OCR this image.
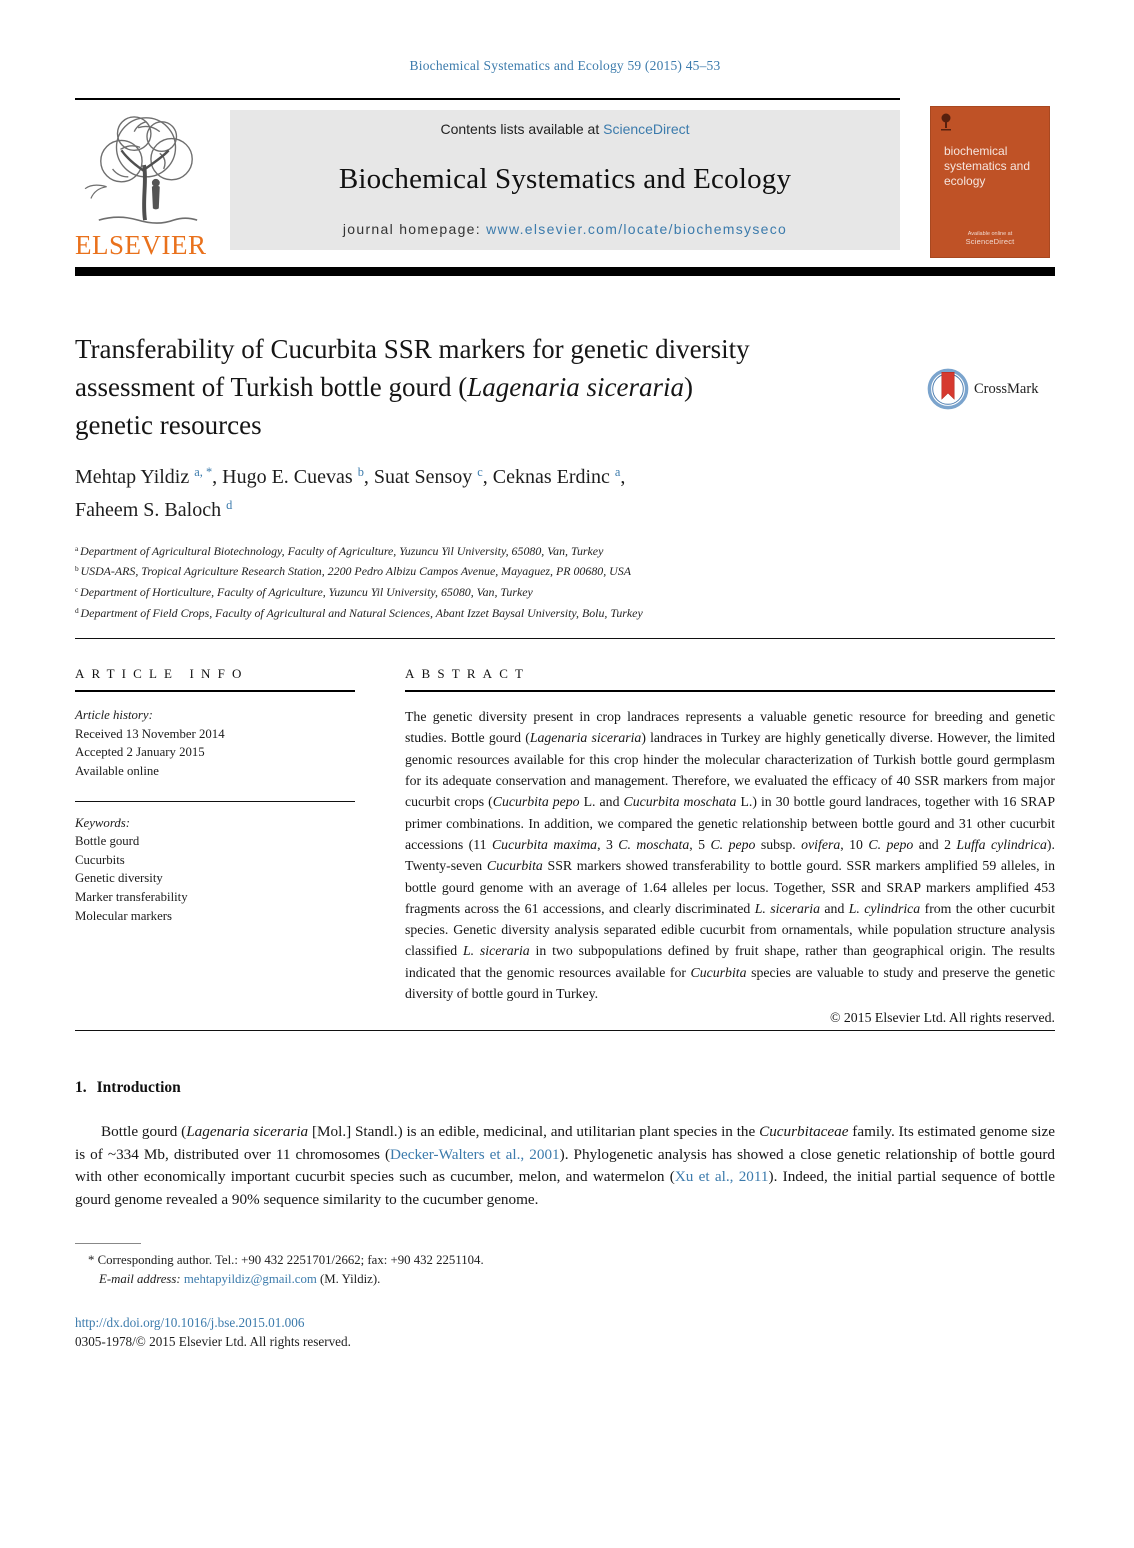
Biochemical Systematics and Ecology 59 (2015) 45–53
ELSEVIER
Contents lists available at ScienceDirect
Biochemical Systematics and Ecology
journal homepage: www.elsevier.com/locate/biochemsyseco
biochemical systematics and ecology
Available online at
ScienceDirect
Transferability of Cucurbita SSR markers for genetic diversity
assessment of Turkish bottle gourd (Lagenaria siceraria)
genetic resources
CrossMark
Mehtap Yildiz $^{a, *}$, Hugo E. Cuevas $^b$, Suat Sensoy $^c$, Ceknas Erdinc $^a$,
Faheem S. Baloch $^d$
$^a$ Department of Agricultural Biotechnology, Faculty of Agriculture, Yuzuncu Yil University, 65080, Van, Turkey
$^b$ USDA-ARS, Tropical Agriculture Research Station, 2200 Pedro Albizu Campos Avenue, Mayaguez, PR 00680, USA
$^c$ Department of Horticulture, Faculty of Agriculture, Yuzuncu Yil University, 65080, Van, Turkey
$^d$ Department of Field Crops, Faculty of Agricultural and Natural Sciences, Abant Izzet Baysal University, Bolu, Turkey
ARTICLE INFO
Article history:
Received 13 November 2014
Accepted 2 January 2015
Available online
Keywords:
Bottle gourd
Cucurbits
Genetic diversity
Marker transferability
Molecular markers
ABSTRACT
The genetic diversity present in crop landraces represents a valuable genetic resource for breeding and genetic studies. Bottle gourd (Lagenaria siceraria) landraces in Turkey are highly genetically diverse. However, the limited genomic resources available for this crop hinder the molecular characterization of Turkish bottle gourd germplasm for its adequate conservation and management. Therefore, we evaluated the efficacy of 40 SSR markers from major cucurbit crops (Cucurbita pepo L. and Cucurbita moschata L.) in 30 bottle gourd landraces, together with 16 SRAP primer combinations. In addition, we compared the genetic relationship between bottle gourd and 31 other cucurbit accessions (11 Cucurbita maxima, 3 C. moschata, 5 C. pepo subsp. ovifera, 10 C. pepo and 2 Luffa cylindrica). Twenty-seven Cucurbita SSR markers showed transferability to bottle gourd. SSR markers amplified 59 alleles, in bottle gourd genome with an average of 1.64 alleles per locus. Together, SSR and SRAP markers amplified 453 fragments across the 61 accessions, and clearly discriminated L. siceraria and L. cylindrica from the other cucurbit species. Genetic diversity analysis separated edible cucurbit from ornamentals, while population structure analysis classified L. siceraria in two subpopulations defined by fruit shape, rather than geographical origin. The results indicated that the genomic resources available for Cucurbita species are valuable to study and preserve the genetic diversity of bottle gourd in Turkey.
© 2015 Elsevier Ltd. All rights reserved.
1. Introduction

Bottle gourd (Lagenaria siceraria [Mol.] Standl.) is an edible, medicinal, and utilitarian plant species in the Cucurbitaceae family. Its estimated genome size is of ~334 Mb, distributed over 11 chromosomes (Decker-Walters et al., 2001). Phylogenetic analysis has showed a close genetic relationship of bottle gourd with other economically important cucurbit species such as cucumber, melon, and watermelon (Xu et al., 2011). Indeed, the initial partial sequence of bottle gourd genome revealed a 90% sequence similarity to the cucumber genome.

* Corresponding author. Tel.: +90 432 2251701/2662; fax: +90 432 2251104.
E-mail address: mehtapyildiz@gmail.com (M. Yildiz).
http://dx.doi.org/10.1016/j.bse.2015.01.006
0305-1978/© 2015 Elsevier Ltd. All rights reserved.
